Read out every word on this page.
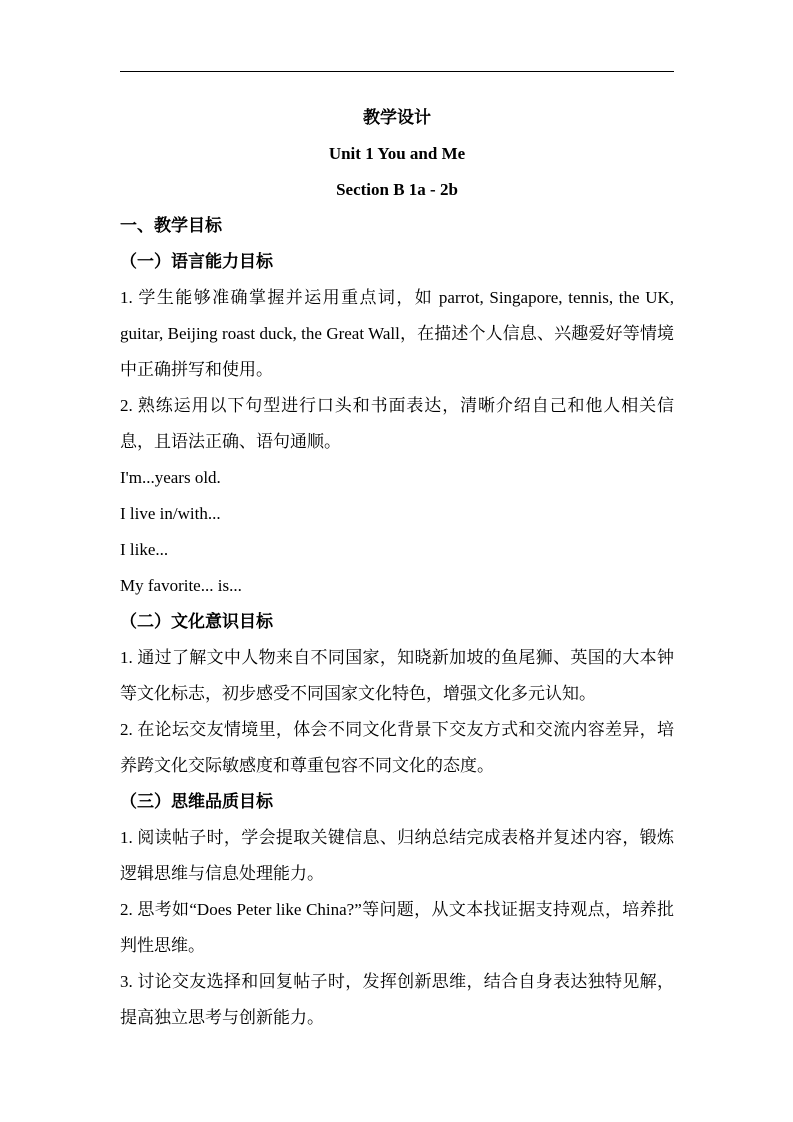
教学设计
Unit 1 You and Me
Section B 1a - 2b
一、教学目标
（一）语言能力目标

1. 学生能够准确掌握并运用重点词，如 parrot, Singapore, tennis, the UK, guitar, Beijing roast duck, the Great Wall，在描述个人信息、兴趣爱好等情境中正确拼写和使用。

2. 熟练运用以下句型进行口头和书面表达，清晰介绍自己和他人相关信息，且语法正确、语句通顺。

I'm...years old.
I live in/with...
I like...
My favorite... is...
（二）文化意识目标

1. 通过了解文中人物来自不同国家，知晓新加坡的鱼尾狮、英国的大本钟等文化标志，初步感受不同国家文化特色，增强文化多元认知。

2. 在论坛交友情境里，体会不同文化背景下交友方式和交流内容差异，培养跨文化交际敏感度和尊重包容不同文化的态度。

（三）思维品质目标

1. 阅读帖子时，学会提取关键信息、归纳总结完成表格并复述内容，锻炼逻辑思维与信息处理能力。

2. 思考如“Does Peter like China?”等问题，从文本找证据支持观点，培养批判性思维。

3. 讨论交友选择和回复帖子时，发挥创新思维，结合自身表达独特见解，提高独立思考与创新能力。
